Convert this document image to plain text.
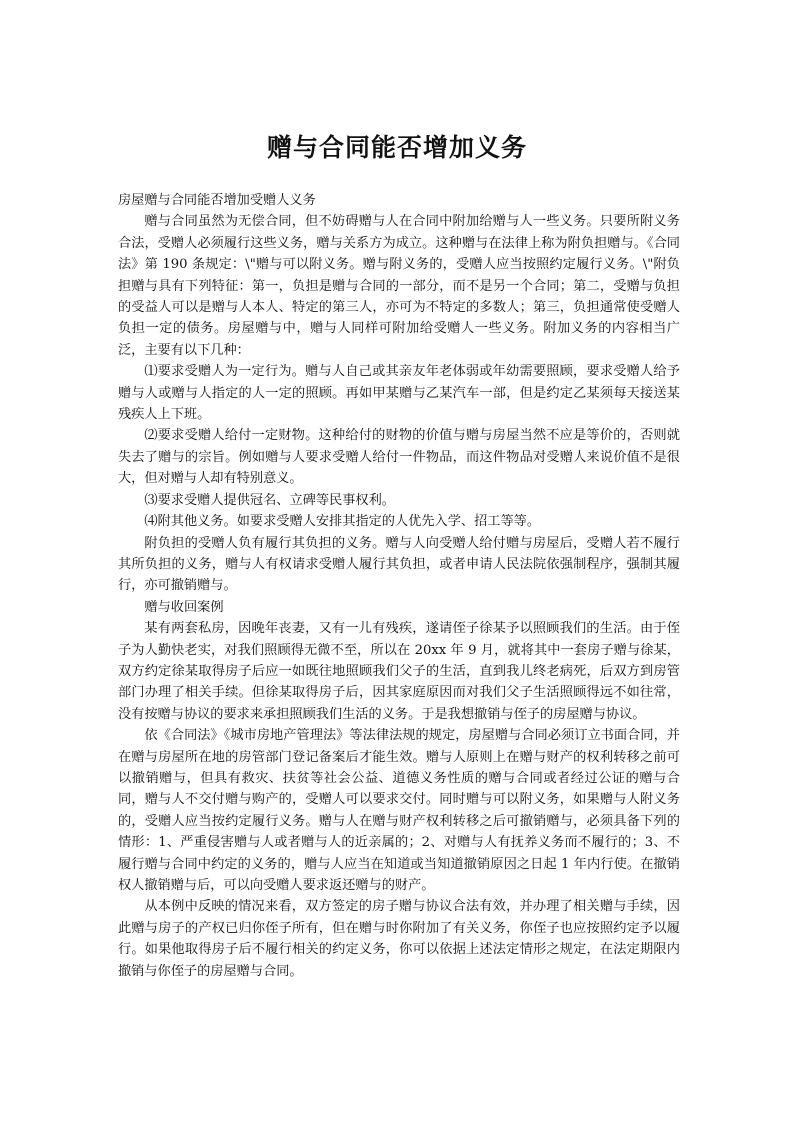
赠与合同能否增加义务

房屋赠与合同能否增加受赠人义务

赠与合同虽然为无偿合同，但不妨碍赠与人在合同中附加给赠与人一些义务。只要所附义务合法，受赠人必须履行这些义务，赠与关系方为成立。这种赠与在法律上称为附负担赠与。《合同法》第 190 条规定：\"赠与可以附义务。赠与附义务的，受赠人应当按照约定履行义务。\"附负担赠与具有下列特征：第一，负担是赠与合同的一部分，而不是另一个合同；第二，受赠与负担的受益人可以是赠与人本人、特定的第三人，亦可为不特定的多数人；第三，负担通常使受赠人负担一定的债务。房屋赠与中，赠与人同样可附加给受赠人一些义务。附加义务的内容相当广泛，主要有以下几种：

⑴要求受赠人为一定行为。赠与人自己或其亲友年老体弱或年幼需要照顾，要求受赠人给予赠与人或赠与人指定的人一定的照顾。再如甲某赠与乙某汽车一部，但是约定乙某须每天接送某残疾人上下班。

⑵要求受赠人给付一定财物。这种给付的财物的价值与赠与房屋当然不应是等价的，否则就失去了赠与的宗旨。例如赠与人要求受赠人给付一件物品，而这件物品对受赠人来说价值不是很大，但对赠与人却有特别意义。

⑶要求受赠人提供冠名、立碑等民事权利。

⑷附其他义务。如要求受赠人安排其指定的人优先入学、招工等等。

附负担的受赠人负有履行其负担的义务。赠与人向受赠人给付赠与房屋后，受赠人若不履行其所负担的义务，赠与人有权请求受赠人履行其负担，或者申请人民法院依强制程序，强制其履行，亦可撤销赠与。

赠与收回案例

某有两套私房，因晚年丧妻，又有一儿有残疾，遂请侄子徐某予以照顾我们的生活。由于侄子为人勤快老实，对我们照顾得无微不至，所以在 20xx 年 9 月，就将其中一套房子赠与徐某，双方约定徐某取得房子后应一如既往地照顾我们父子的生活，直到我儿终老病死，后双方到房管部门办理了相关手续。但徐某取得房子后，因其家庭原因而对我们父子生活照顾得远不如往常，没有按赠与协议的要求来承担照顾我们生活的义务。于是我想撤销与侄子的房屋赠与协议。

依《合同法》《城市房地产管理法》等法律法规的规定，房屋赠与合同必须订立书面合同，并在赠与房屋所在地的房管部门登记备案后才能生效。赠与人原则上在赠与财产的权利转移之前可以撤销赠与，但具有救灾、扶贫等社会公益、道德义务性质的赠与合同或者经过公证的赠与合同，赠与人不交付赠与购产的，受赠人可以要求交付。同时赠与可以附义务，如果赠与人附义务的，受赠人应当按约定履行义务。赠与人在赠与财产权利转移之后可撤销赠与，必须具备下列的情形：1、严重侵害赠与人或者赠与人的近亲属的；2、对赠与人有抚养义务而不履行的；3、不履行赠与合同中约定的义务的，赠与人应当在知道或当知道撤销原因之日起 1 年内行使。在撤销权人撤销赠与后，可以向受赠人要求返还赠与的财产。

从本例中反映的情况来看，双方签定的房子赠与协议合法有效，并办理了相关赠与手续，因此赠与房子的产权已归你侄子所有，但在赠与时你附加了有关义务，你侄子也应按照约定予以履行。如果他取得房子后不履行相关的约定义务，你可以依据上述法定情形之规定，在法定期限内撤销与你侄子的房屋赠与合同。
